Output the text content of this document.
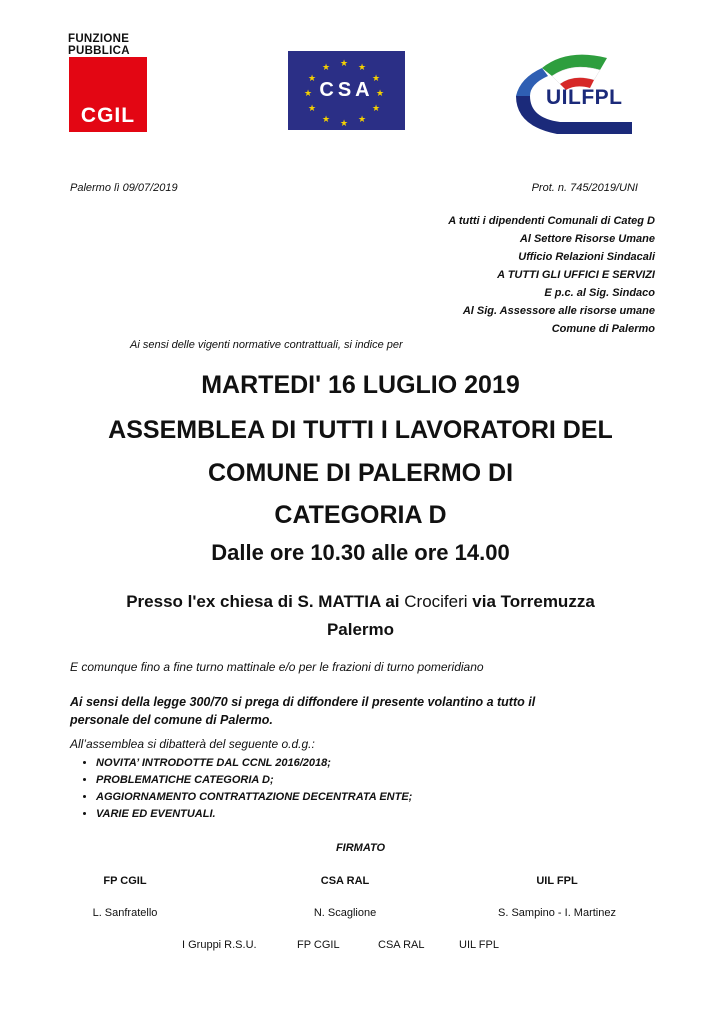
FUNZIONE
PUBBLICA
CGIL
★ ★
★
★
★
★
★
★
★
★
★
★
CSA	UILFPL
Palermo lì 09/07/2019	Prot. n. 745/2019/UNI
A tutti i dipendenti Comunali di Categ D
Al Settore Risorse Umane
Ufficio Relazioni Sindacali
A TUTTI GLI UFFICI E SERVIZI
E p.c. al Sig. Sindaco
Al Sig. Assessore alle risorse umane
Comune di Palermo
Ai sensi delle vigenti normative contrattuali, si indice per
MARTEDI' 16 LUGLIO 2019
ASSEMBLEA DI TUTTI I LAVORATORI DEL
COMUNE DI PALERMO DI
CATEGORIA D
Dalle ore 10.30 alle ore 14.00
Presso l'ex chiesa di S. MATTIA ai Crociferi via Torremuzza
Palermo
E comunque fino a fine turno mattinale e/o per le frazioni di turno pomeridiano
Ai sensi della legge 300/70 si prega di diffondere il presente volantino a tutto il
personale del comune di Palermo.
All’assemblea si dibatterà del seguente o.d.g.:
• NOVITA’ INTRODOTTE DAL CCNL 2016/2018;
• PROBLEMATICHE CATEGORIA D;
• AGGIORNAMENTO CONTRATTAZIONE DECENTRATA ENTE;
• VARIE ED EVENTUALI.
FIRMATO
FP CGIL	CSA RAL	UIL FPL
L. Sanfratello	N. Scaglione	S. Sampino - I. Martinez
I Gruppi R.S.U.	FP CGIL	CSA RAL	UIL FPL
